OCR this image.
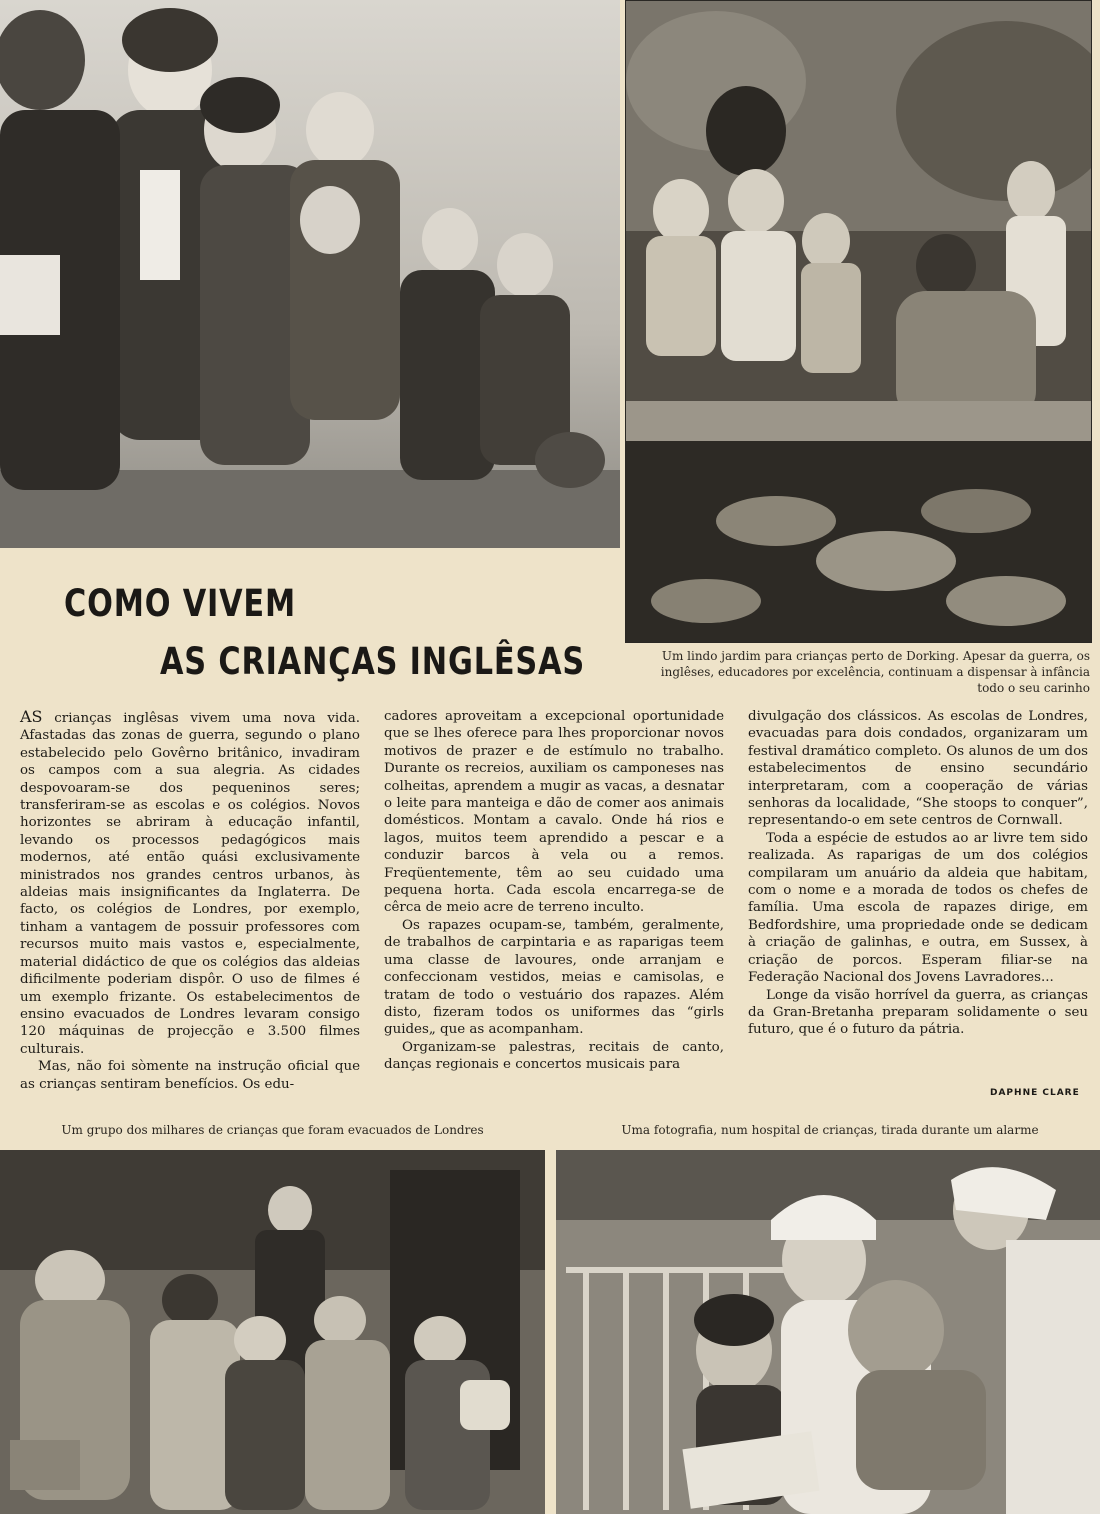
COMO VIVEM
AS CRIANÇAS INGLÊSAS	Um lindo jardim para crianças perto de Dorking. Apesar da guerra, os inglêses, educadores por excelência, continuam a dispensar à infância todo o seu carinho

AS crianças inglêsas vivem uma nova vida. Afastadas das zonas de guerra, segundo o plano estabelecido pelo Govêrno britânico, invadiram os campos com a sua alegria. As cidades despovoaram-se dos pequeninos seres; transferiram-se as escolas e os colégios. Novos horizontes se abriram à educação infantil, levando os processos pedagógicos mais modernos, até então quási exclusivamente ministrados nos grandes centros urbanos, às aldeias mais insignificantes da Inglaterra. De facto, os colégios de Londres, por exemplo, tinham a vantagem de possuir professores com recursos muito mais vastos e, especialmente, material didáctico de que os colégios das aldeias dificilmente poderiam dispôr. O uso de filmes é um exemplo frizante. Os estabelecimentos de ensino evacuados de Londres levaram consigo 120 máquinas de projecção e 3.500 filmes culturais.

Mas, não foi sòmente na instrução oficial que as crianças sentiram benefícios. Os edu-

cadores aproveitam a excepcional oportunidade que se lhes oferece para lhes proporcionar novos motivos de prazer e de estímulo no trabalho. Durante os recreios, auxiliam os camponeses nas colheitas, aprendem a mugir as vacas, a desnatar o leite para manteiga e dão de comer aos animais domésticos. Montam a cavalo. Onde há rios e lagos, muitos teem aprendido a pescar e a conduzir barcos à vela ou a remos. Freqüentemente, têm ao seu cuidado uma pequena horta. Cada escola encarrega-se de cêrca de meio acre de terreno inculto.

Os rapazes ocupam-se, também, geralmente, de trabalhos de carpintaria e as raparigas teem uma classe de lavoures, onde arranjam e confeccionam vestidos, meias e camisolas, e tratam de todo o vestuário dos rapazes. Além disto, fizeram todos os uniformes das “girls guides„ que as acompanham.

Organizam-se palestras, recitais de canto, danças regionais e concertos musicais para

divulgação dos clássicos. As escolas de Londres, evacuadas para dois condados, organizaram um festival dramático completo. Os alunos de um dos estabelecimentos de ensino secundário interpretaram, com a cooperação de várias senhoras da localidade, “She stoops to conquer”, representando-o em sete centros de Cornwall.

Toda a espécie de estudos ao ar livre tem sido realizada. As raparigas de um dos colégios compilaram um anuário da aldeia que habitam, com o nome e a morada de todos os chefes de família. Uma escola de rapazes dirige, em Bedfordshire, uma propriedade onde se dedicam à criação de galinhas, e outra, em Sussex, à criação de porcos. Esperam filiar-se na Federação Nacional dos Jovens Lavradores...

Longe da visão horrível da guerra, as crianças da Gran-Bretanha preparam solidamente o seu futuro, que é o futuro da pátria.

DAPHNE CLARE
Um grupo dos milhares de crianças que foram evacuados de Londres	Uma fotografia, num hospital de crianças, tirada durante um alarme
